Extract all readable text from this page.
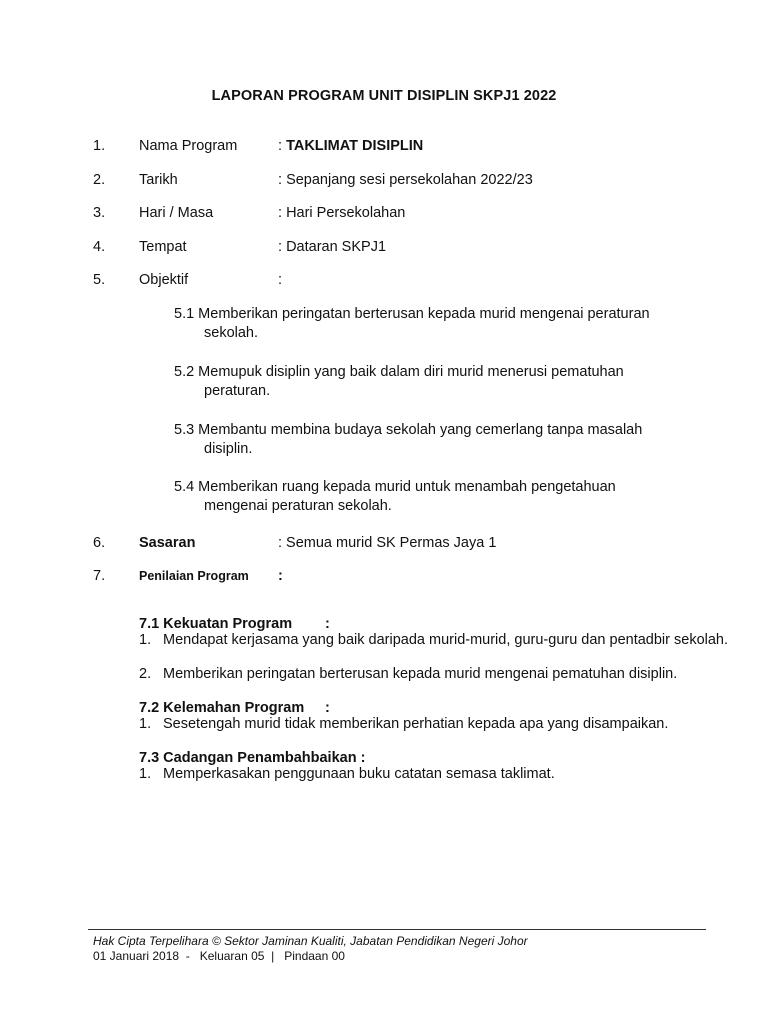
LAPORAN PROGRAM UNIT DISIPLIN SKPJ1 2022
1. Nama Program	: TAKLIMAT DISIPLIN
2. Tarikh	: Sepanjang sesi persekolahan 2022/23
3. Hari / Masa	: Hari Persekolahan
4. Tempat	: Dataran SKPJ1
5. Objektif	:
5.1 Memberikan peringatan berterusan kepada murid mengenai peraturan
sekolah.
5.2 Memupuk disiplin yang baik dalam diri murid menerusi pematuhan
peraturan.
5.3 Membantu membina budaya sekolah yang cemerlang tanpa masalah
disiplin.
5.4 Memberikan ruang kepada murid untuk menambah pengetahuan
mengenai peraturan sekolah.
6. Sasaran	: Semua murid SK Permas Jaya 1
7.	Penilaian Program :
7.1 Kekuatan Program :
1. Mendapat kerjasama yang baik daripada murid-murid, guru-guru dan pentadbir sekolah.
2. Memberikan peringatan berterusan kepada murid mengenai pematuhan disiplin.
7.2 Kelemahan Program :
1. Sesetengah murid tidak memberikan perhatian kepada apa yang disampaikan.
7.3 Cadangan Penambahbaikan :
1. Memperkasakan penggunaan buku catatan semasa taklimat.
Hak Cipta Terpelihara © Sektor Jaminan Kualiti, Jabatan Pendidikan Negeri Johor
01 Januari 2018  -   Keluaran 05  |   Pindaan 00
